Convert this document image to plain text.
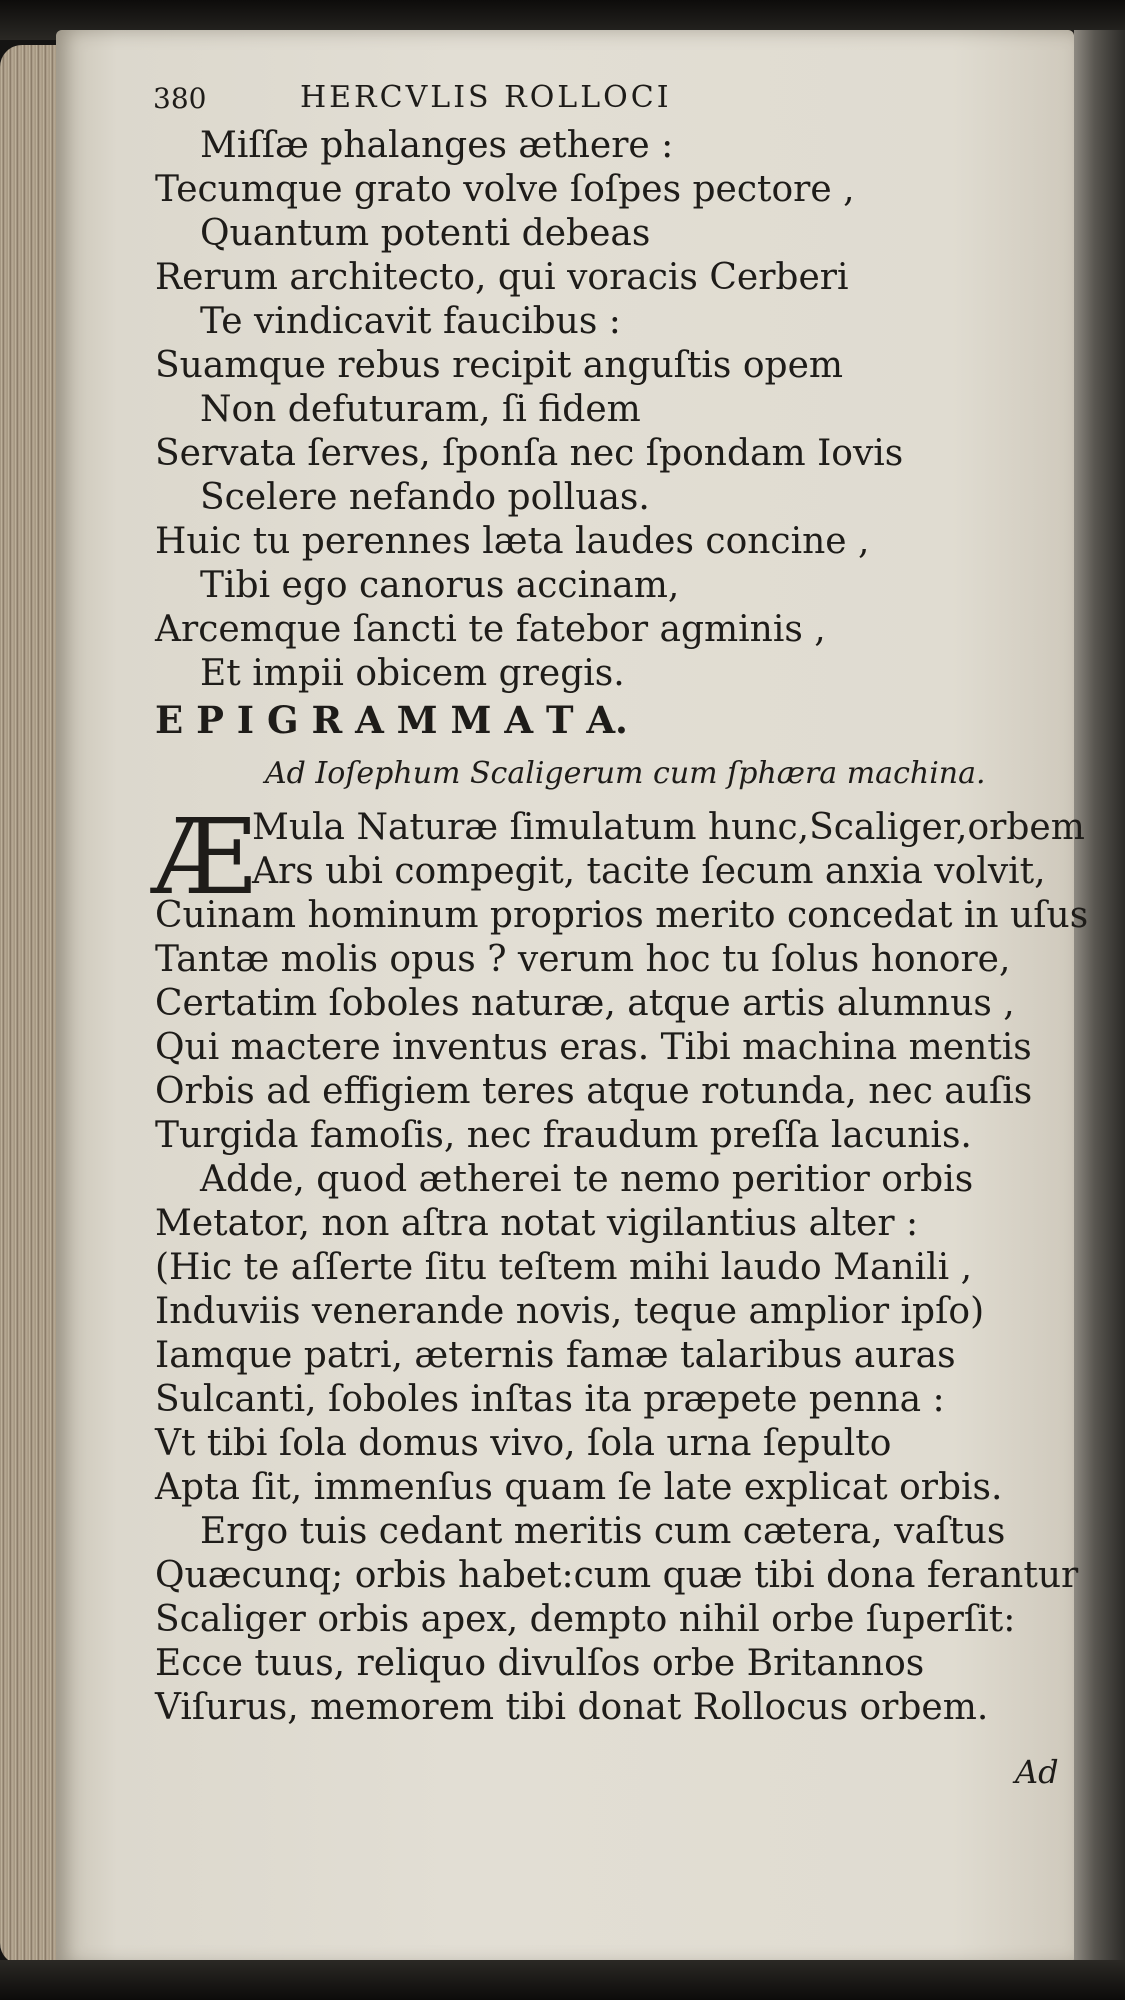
380	HERCVLIS ROLLOCI
Miſſæ phalanges æthere :
Tecumque grato volve ſoſpes pectore ,
Quantum potenti debeas
Rerum architecto, qui voracis Cerberi
Te vindicavit faucibus :
Suamque rebus recipit anguſtis opem
Non defuturam, ſi fidem
Servata ſerves, ſponſa nec ſpondam Iovis
Scelere nefando polluas.
Huic tu perennes læta laudes concine ,
Tibi ego canorus accinam,
Arcemque ſancti te fatebor agminis ,
Et impii obicem gregis.
E P I G R A M M A T A.
Ad Ioſephum Scaligerum cum ſphæra machina.
Æ
Mula Naturæ ſimulatum hunc,Scaliger,orbem
Ars ubi compegit, tacite ſecum anxia volvit,
Cuinam hominum proprios merito concedat in uſus
Tantæ molis opus ? verum hoc tu ſolus honore,
Certatim ſoboles naturæ, atque artis alumnus ,
Qui mactere inventus eras. Tibi machina mentis
Orbis ad effigiem teres atque rotunda, nec auſis
Turgida famoſis, nec fraudum preſſa lacunis.
Adde, quod ætherei te nemo peritior orbis
Metator, non aſtra notat vigilantius alter :
(Hic te aſſerte ſitu teſtem mihi laudo Manili ,
Induviis venerande novis, teque amplior ipſo)
Iamque patri, æternis famæ talaribus auras
Sulcanti, ſoboles inſtas ita præpete penna :
Vt tibi ſola domus vivo, ſola urna ſepulto
Apta ſit, immenſus quam ſe late explicat orbis.
Ergo tuis cedant meritis cum cætera, vaſtus
Quæcunq; orbis habet:cum quæ tibi dona ferantur
Scaliger orbis apex, dempto nihil orbe ſuperſit:
Ecce tuus, reliquo divulſos orbe Britannos
Viſurus, memorem tibi donat Rollocus orbem.
Ad
